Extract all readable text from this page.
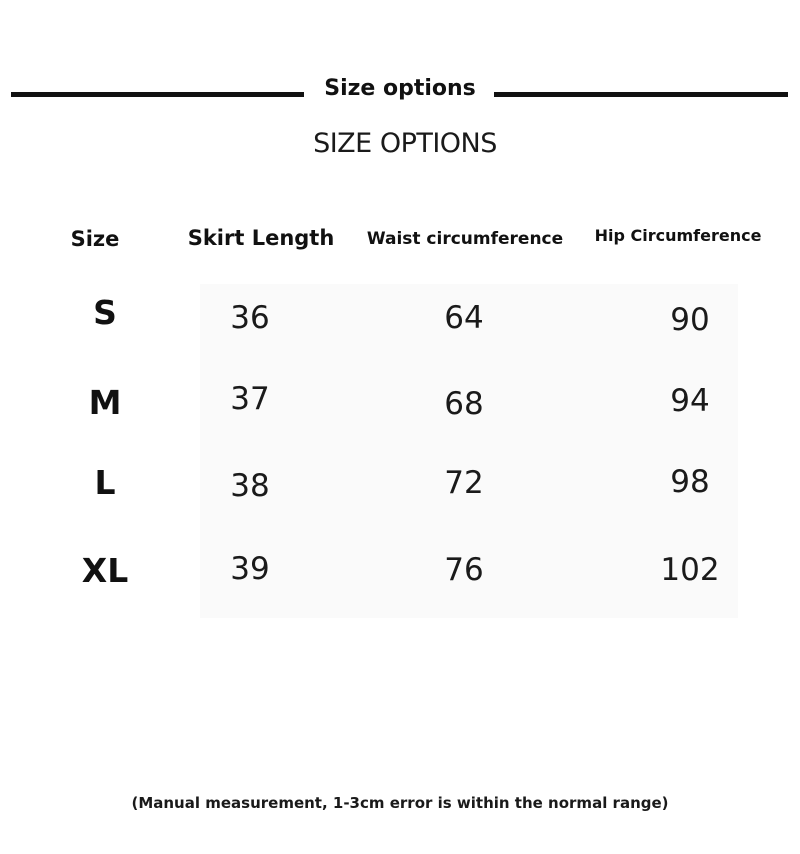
Size options
SIZE OPTIONS
Size	Skirt Length	Waist circumference	Hip Circumference
S	36	64	90
M	37	68	94
L	38	72	98
XL	39	76	102
(Manual measurement, 1-3cm error is within the normal range)
